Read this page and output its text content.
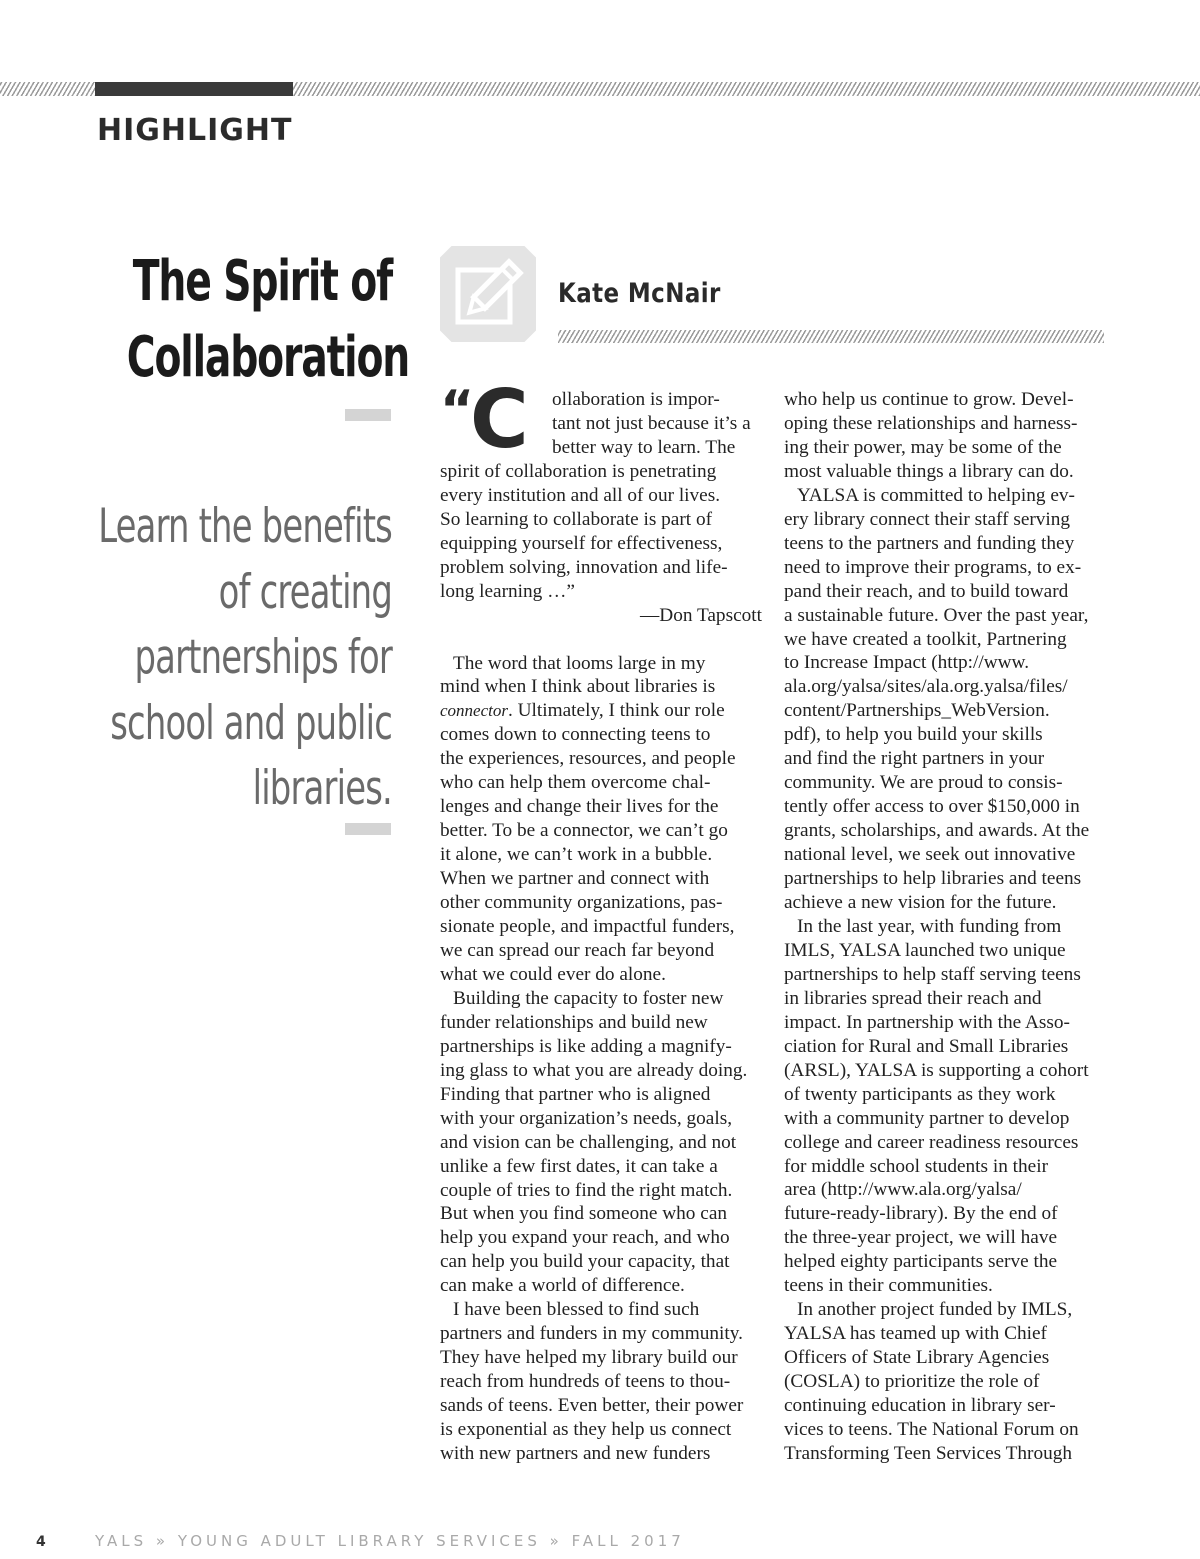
HIGHLIGHT
The Spirit of
Collaboration
Learn the benefits
of creating
partnerships for
school and public
libraries.
Kate McNair
“
C	ollaboration is impor-
tant not just because it’s a
better way to learn. The
spirit of collaboration is penetrating
every institution and all of our lives.
So learning to collaborate is part of
equipping yourself for effectiveness,
problem solving, innovation and life-
long learning …”
—Don Tapscott
The word that looms large in my
mind when I think about libraries is
connector. Ultimately, I think our role
comes down to connecting teens to
the experiences, resources, and people
who can help them overcome chal-
lenges and change their lives for the
better. To be a connector, we can’t go
it alone, we can’t work in a bubble.
When we partner and connect with
other community organizations, pas-
sionate people, and impactful funders,
we can spread our reach far beyond
what we could ever do alone.
Building the capacity to foster new
funder relationships and build new
partnerships is like adding a magnify-
ing glass to what you are already doing.
Finding that partner who is aligned
with your organization’s needs, goals,
and vision can be challenging, and not
unlike a few first dates, it can take a
couple of tries to find the right match.
But when you find someone who can
help you expand your reach, and who
can help you build your capacity, that
can make a world of difference.
I have been blessed to find such
partners and funders in my community.
They have helped my library build our
reach from hundreds of teens to thou-
sands of teens. Even better, their power
is exponential as they help us connect
with new partners and new funders
who help us continue to grow. Devel-
oping these relationships and harness-
ing their power, may be some of the
most valuable things a library can do.
YALSA is committed to helping ev-
ery library connect their staff serving
teens to the partners and funding they
need to improve their programs, to ex-
pand their reach, and to build toward
a sustainable future. Over the past year,
we have created a toolkit, Partnering
to Increase Impact (http://www.
ala.org/yalsa/sites/ala.org.yalsa/files/
content/Partnerships_WebVersion.
pdf), to help you build your skills
and find the right partners in your
community. We are proud to consis-
tently offer access to over $150,000 in
grants, scholarships, and awards. At the
national level, we seek out innovative
partnerships to help libraries and teens
achieve a new vision for the future.
In the last year, with funding from
IMLS, YALSA launched two unique
partnerships to help staff serving teens
in libraries spread their reach and
impact. In partnership with the Asso-
ciation for Rural and Small Libraries
(ARSL), YALSA is supporting a cohort
of twenty participants as they work
with a community partner to develop
college and career readiness resources
for middle school students in their
area (http://www.ala.org/yalsa/
future-ready-library). By the end of
the three-year project, we will have
helped eighty participants serve the
teens in their communities.
In another project funded by IMLS,
YALSA has teamed up with Chief
Officers of State Library Agencies
(COSLA) to prioritize the role of
continuing education in library ser-
vices to teens. The National Forum on
Transforming Teen Services Through
4	YALS » YOUNG ADULT LIBRARY SERVICES » FALL 2017
